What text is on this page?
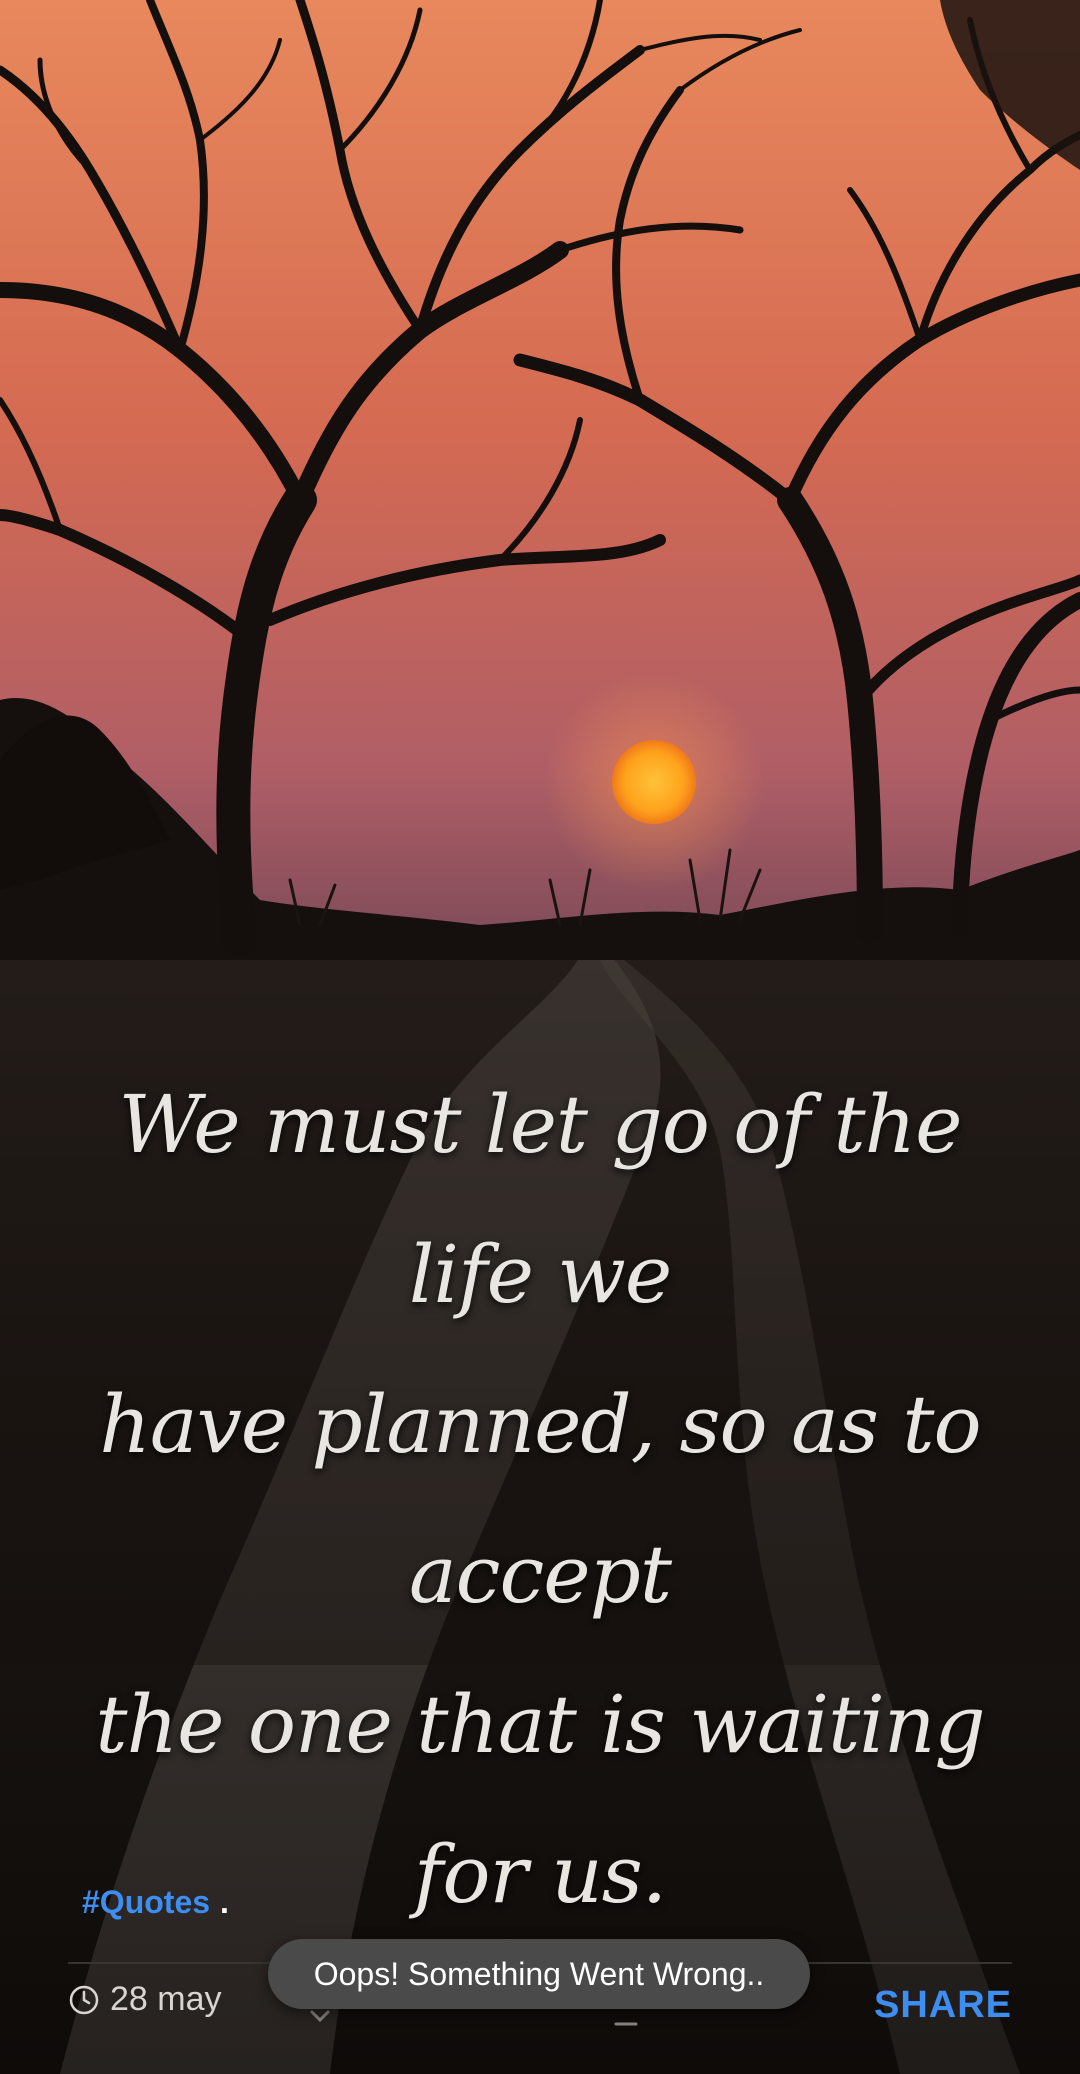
We must let go of the life we
have planned, so as to accept
the one that is waiting for us.

#Quotes .
28 may	SHARE
Oops! Something Went Wrong..
